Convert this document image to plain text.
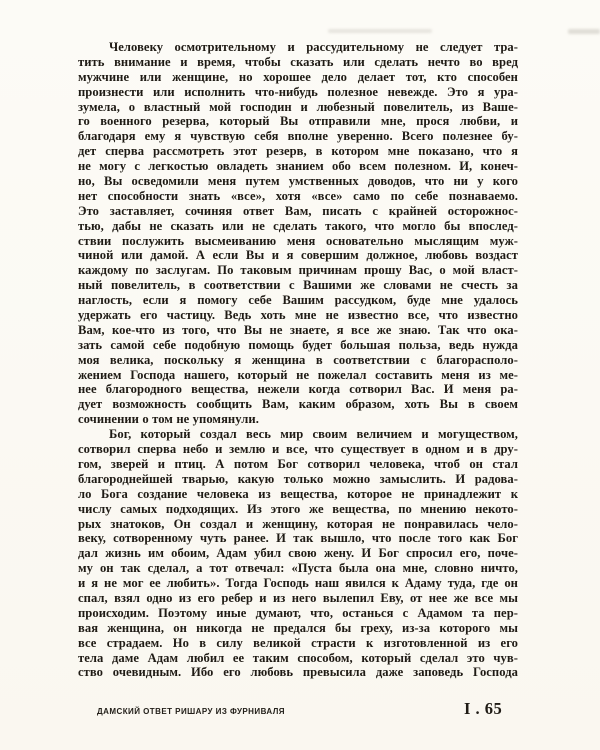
Человеку осмотрительному и рассудительному не следует тра-
тить внимание и время, чтобы сказать или сделать нечто во вред
мужчине или женщине, но хорошее дело делает тот, кто способен
произнести или исполнить что-нибудь полезное невежде. Это я ура-
зумела, о властный мой господин и любезный повелитель, из Ваше-
го военного резерва, который Вы отправили мне, прося любви, и
благодаря ему я чувствую себя вполне уверенно. Всего полезнее бу-
дет сперва рассмотреть этот резерв, в котором мне показано, что я
не могу с легкостью овладеть знанием обо всем полезном. И, конеч-
но, Вы осведомили меня путем умственных доводов, что ни у кого
нет способности знать «все», хотя «все» само по себе познаваемо.
Это заставляет, сочиняя ответ Вам, писать с крайней осторожнос-
тью, дабы не сказать или не сделать такого, что могло бы впослед-
ствии послужить высмеиванию меня основательно мыслящим муж-
чиной или дамой. А если Вы и я совершим должное, любовь воздаст
каждому по заслугам. По таковым причинам прошу Вас, о мой власт-
ный повелитель, в соответствии с Вашими же словами не счесть за
наглость, если я помогу себе Вашим рассудком, буде мне удалось
удержать его частицу. Ведь хоть мне не известно все, что известно
Вам, кое-что из того, что Вы не знаете, я все же знаю. Так что ока-
зать самой себе подобную помощь будет большая польза, ведь нужда
моя велика, поскольку я женщина в соответствии с благорасполо-
жением Господа нашего, который не пожелал составить меня из ме-
нее благородного вещества, нежели когда сотворил Вас. И меня ра-
дует возможность сообщить Вам, каким образом, хоть Вы в своем
сочинении о том не упомянули.
Бог, который создал весь мир своим величием и могуществом,
сотворил сперва небо и землю и все, что существует в одном и в дру-
гом, зверей и птиц. А потом Бог сотворил человека, чтоб он стал
благороднейшей тварью, какую только можно замыслить. И радова-
ло Бога создание человека из вещества, которое не принадлежит к
числу самых подходящих. Из этого же вещества, по мнению некото-
рых знатоков, Он создал и женщину, которая не понравилась чело-
веку, сотворенному чуть ранее. И так вышло, что после того как Бог
дал жизнь им обоим, Адам убил свою жену. И Бог спросил его, поче-
му он так сделал, а тот отвечал: «Пуста была она мне, словно ничто,
и я не мог ее любить». Тогда Господь наш явился к Адаму туда, где он
спал, взял одно из его ребер и из него вылепил Еву, от нее же все мы
происходим. Поэтому иные думают, что, останься с Адамом та пер-
вая женщина, он никогда не предался бы греху, из-за которого мы
все страдаем. Но в силу великой страсти к изготовленной из его
тела даме Адам любил ее таким способом, который сделал это чув-
ство очевидным. Ибо его любовь превысила даже заповедь Господа
ДАМСКИЙ ОТВЕТ РИШАРУ ИЗ ФУРНИВАЛЯ	I . 65
